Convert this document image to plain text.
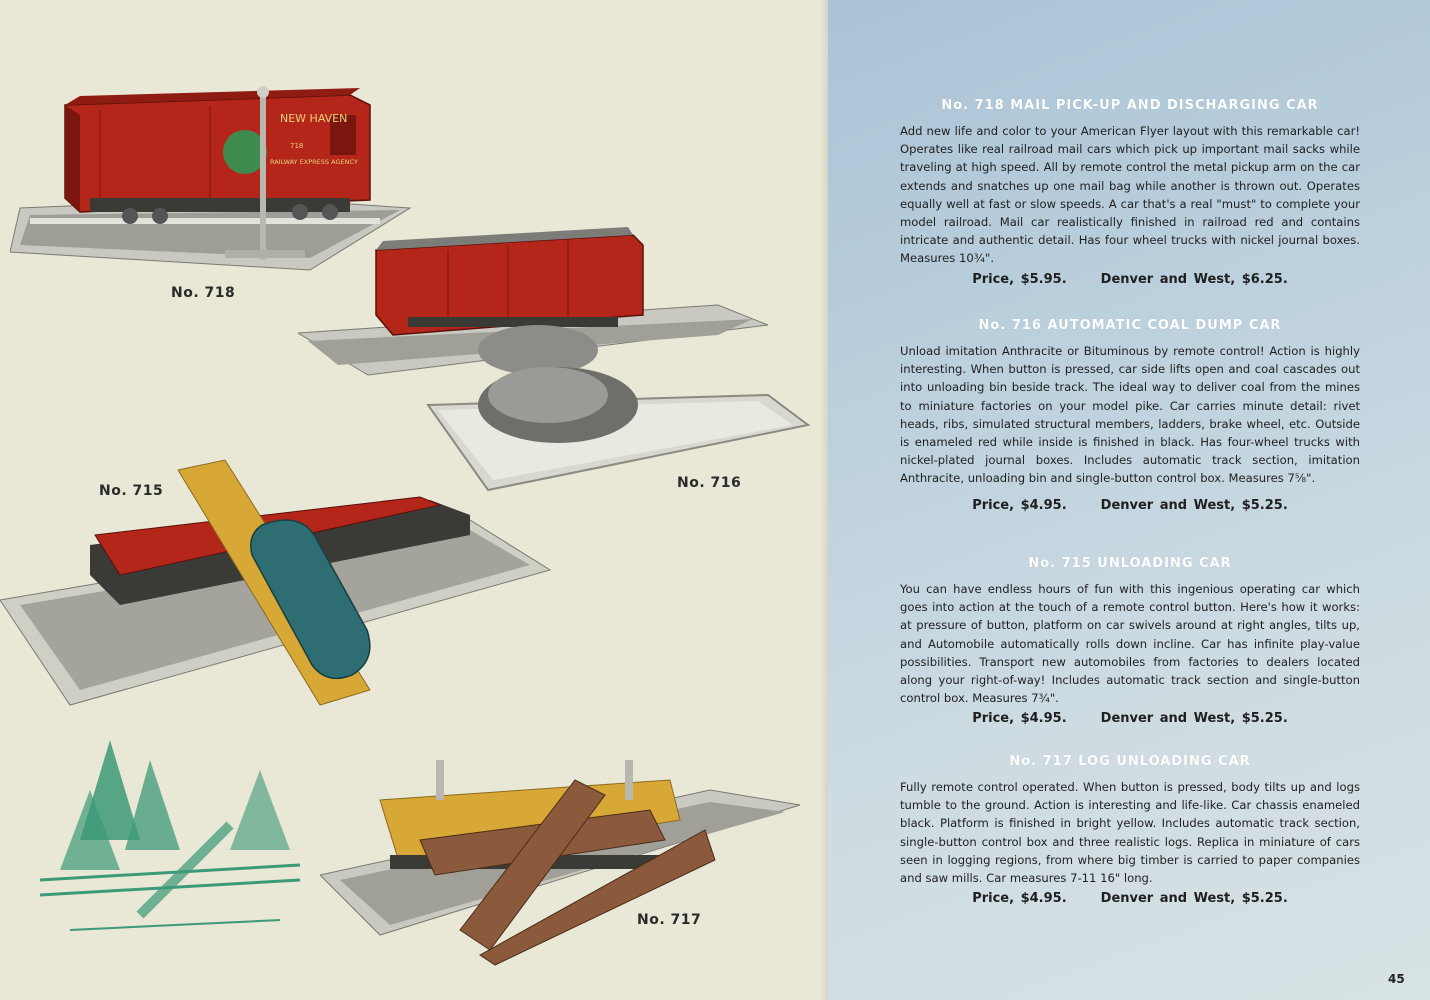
NEW HAVEN
718
RAILWAY EXPRESS AGENCY
No. 718
No. 716
No. 715
No. 717
No. 718 MAIL PICK-UP AND DISCHARGING CAR

Add new life and color to your American Flyer layout with this remarkable car! Operates like real railroad mail cars which pick up important mail sacks while traveling at high speed. All by remote control the metal pickup arm on the car extends and snatches up one mail bag while another is thrown out. Operates equally well at fast or slow speeds. A car that's a real "must" to complete your model railroad. Mail car realistically finished in railroad red and contains intricate and authentic detail. Has four wheel trucks with nickel journal boxes. Measures 10¾".

Price, $5.95.	Denver and West, $6.25.
No. 716 AUTOMATIC COAL DUMP CAR

Unload imitation Anthracite or Bituminous by remote control! Action is highly interesting. When button is pressed, car side lifts open and coal cascades out into unloading bin beside track. The ideal way to deliver coal from the mines to miniature factories on your model pike. Car carries minute detail: rivet heads, ribs, simulated structural members, ladders, brake wheel, etc. Outside is enameled red while inside is finished in black. Has four-wheel trucks with nickel-plated journal boxes. Includes automatic track section, imitation Anthracite, unloading bin and single-button control box. Measures 7⅝".

Price, $4.95.	Denver and West, $5.25.
No. 715 UNLOADING CAR

You can have endless hours of fun with this ingenious operating car which goes into action at the touch of a remote control button. Here's how it works: at pressure of button, platform on car swivels around at right angles, tilts up, and Automobile automatically rolls down incline. Car has infinite play-value possibilities. Transport new automobiles from factories to dealers located along your right-of-way! Includes automatic track section and single-button control box. Measures 7¾".

Price, $4.95.	Denver and West, $5.25.
No. 717 LOG UNLOADING CAR

Fully remote control operated. When button is pressed, body tilts up and logs tumble to the ground. Action is interesting and life-like. Car chassis enameled black. Platform is finished in bright yellow. Includes automatic track section, single-button control box and three realistic logs. Replica in miniature of cars seen in logging regions, from where big timber is carried to paper companies and saw mills. Car measures 7-11 16" long.

Price, $4.95.	Denver and West, $5.25.
45
